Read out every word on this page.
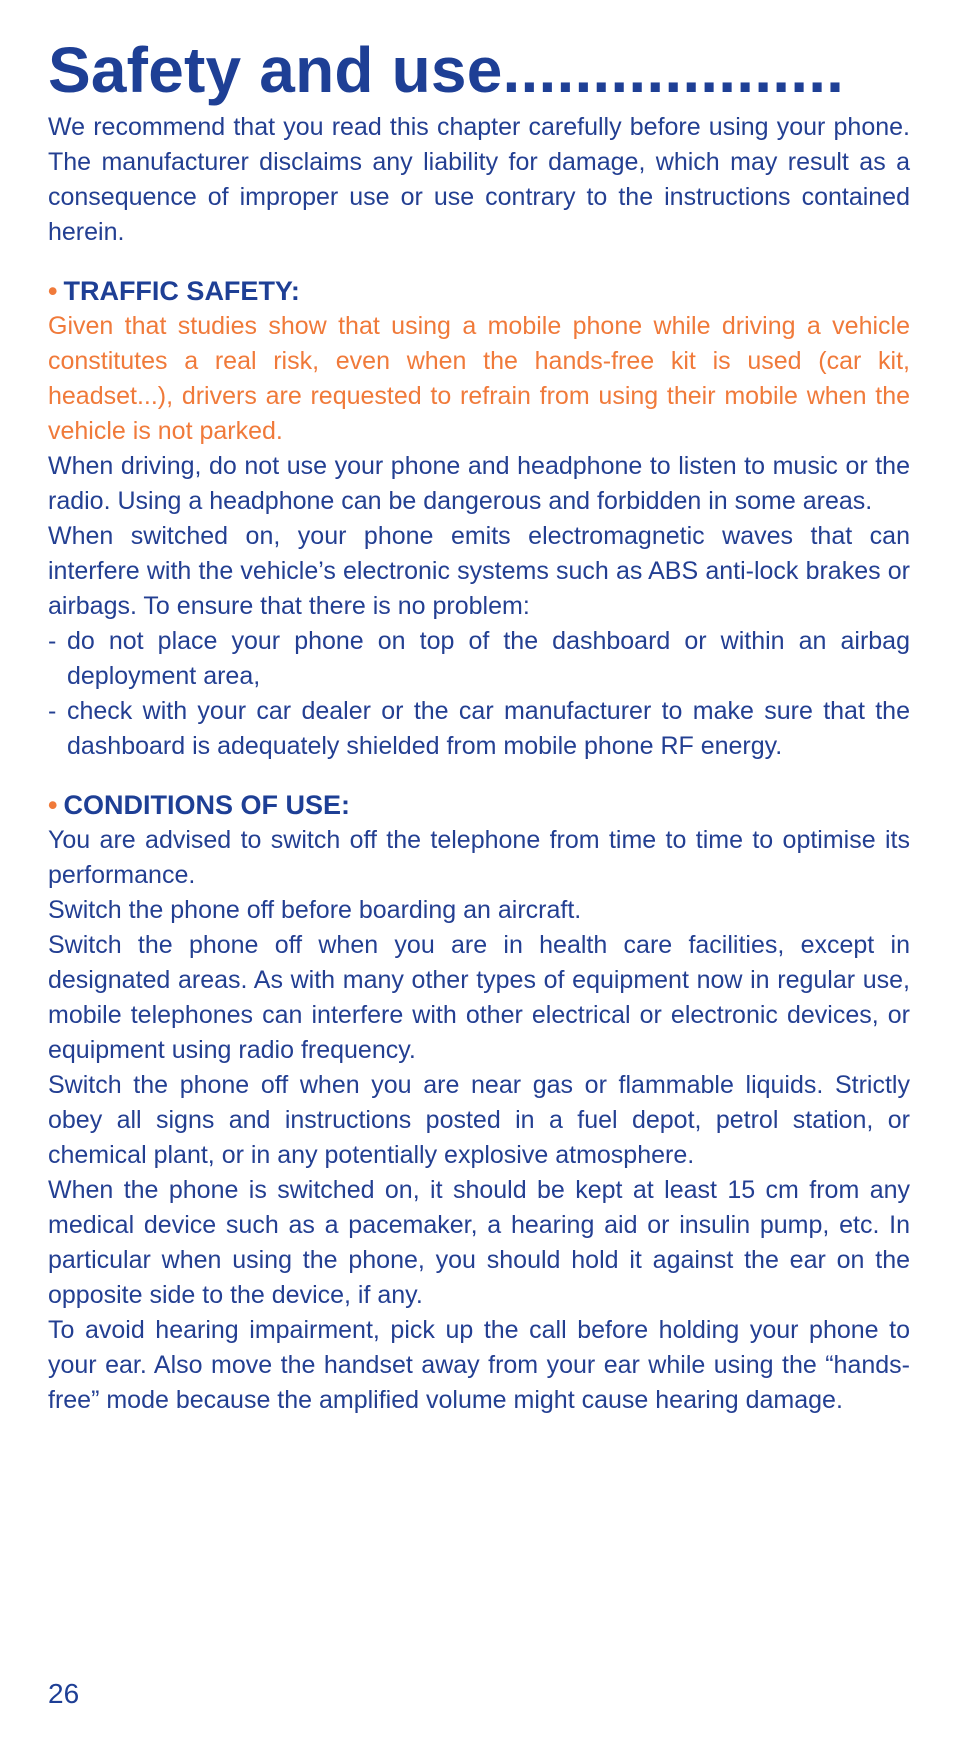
Safety and use...................

We recommend that you read this chapter carefully before using your phone. The manufacturer disclaims any liability for damage, which may result as a consequence of improper use or use contrary to the instructions contained herein.

• TRAFFIC SAFETY:

Given that studies show that using a mobile phone while driving a vehicle constitutes a real risk, even when the hands-free kit is used (car kit, headset...), drivers are requested to refrain from using their mobile when the vehicle is not parked.

When driving, do not use your phone and headphone to listen to music or the radio. Using a headphone can be dangerous and forbidden in some areas.

When switched on, your phone emits electromagnetic waves that can interfere with the vehicle’s electronic systems such as ABS anti-lock brakes or airbags. To ensure that there is no problem:

- do not place your phone on top of the dashboard or within an airbag deployment area,
- check with your car dealer or the car manufacturer to make sure that the dashboard is adequately shielded from mobile phone RF energy.
• CONDITIONS OF USE:

You are advised to switch off the telephone from time to time to optimise its performance.

Switch the phone off before boarding an aircraft.

Switch the phone off when you are in health care facilities, except in designated areas. As with many other types of equipment now in regular use, mobile telephones can interfere with other electrical or electronic devices, or equipment using radio frequency.

Switch the phone off when you are near gas or flammable liquids. Strictly obey all signs and instructions posted in a fuel depot, petrol station, or chemical plant, or in any potentially explosive atmosphere.

When the phone is switched on, it should be kept at least 15 cm from any medical device such as a pacemaker, a hearing aid or insulin pump, etc. In particular when using the phone, you should hold it against the ear on the opposite side to the device, if any.

To avoid hearing impairment, pick up the call before holding your phone to your ear. Also move the handset away from your ear while using the “hands-free” mode because the amplified volume might cause hearing damage.

26
